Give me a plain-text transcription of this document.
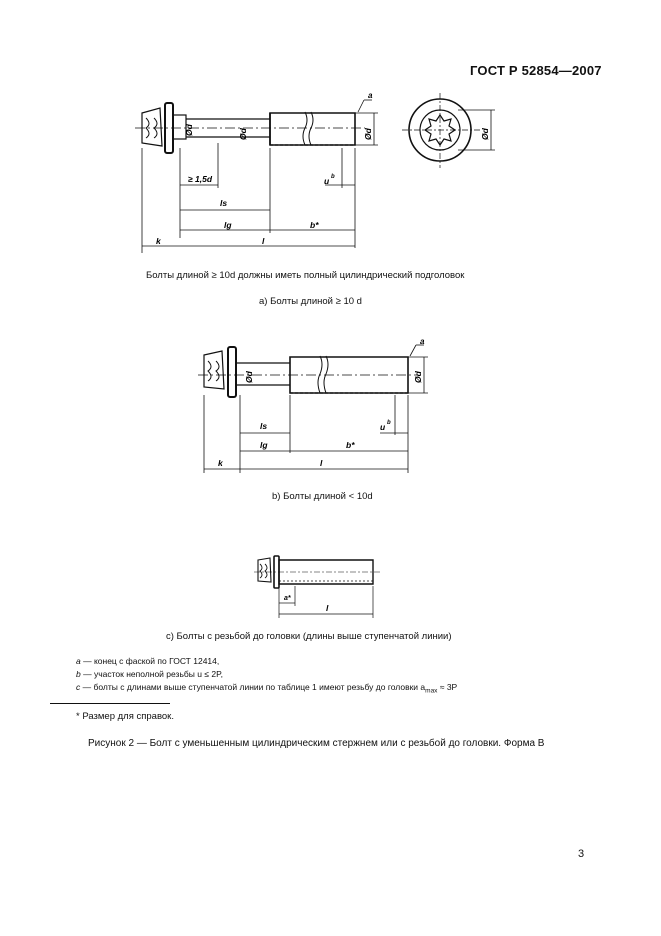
ГОСТ Р 52854—2007
a
≥ 1,5d
ls
lg	b*
l
k
u b
Ød	Ød	Ød	Ød
Болты длиной ≥ 10d должны иметь полный цилиндрический подголовок
a) Болты длиной ≥ 10 d
a
ls
lg	b*
l
k
u b
Ød	Ød
b) Болты длиной < 10d
a*
l
c) Болты с резьбой до головки (длины выше ступенчатой линии)
a — конец с фаской по ГОСТ 12414,
b — участок неполной резьбы u ≤ 2P,
c — болты с длинами выше ступенчатой линии по таблице 1 имеют резьбу до головки $a_{max} \approx 3P$
* Размер для справок.
Рисунок 2 — Болт с уменьшенным цилиндрическим стержнем или с резьбой до головки. Форма В
3
